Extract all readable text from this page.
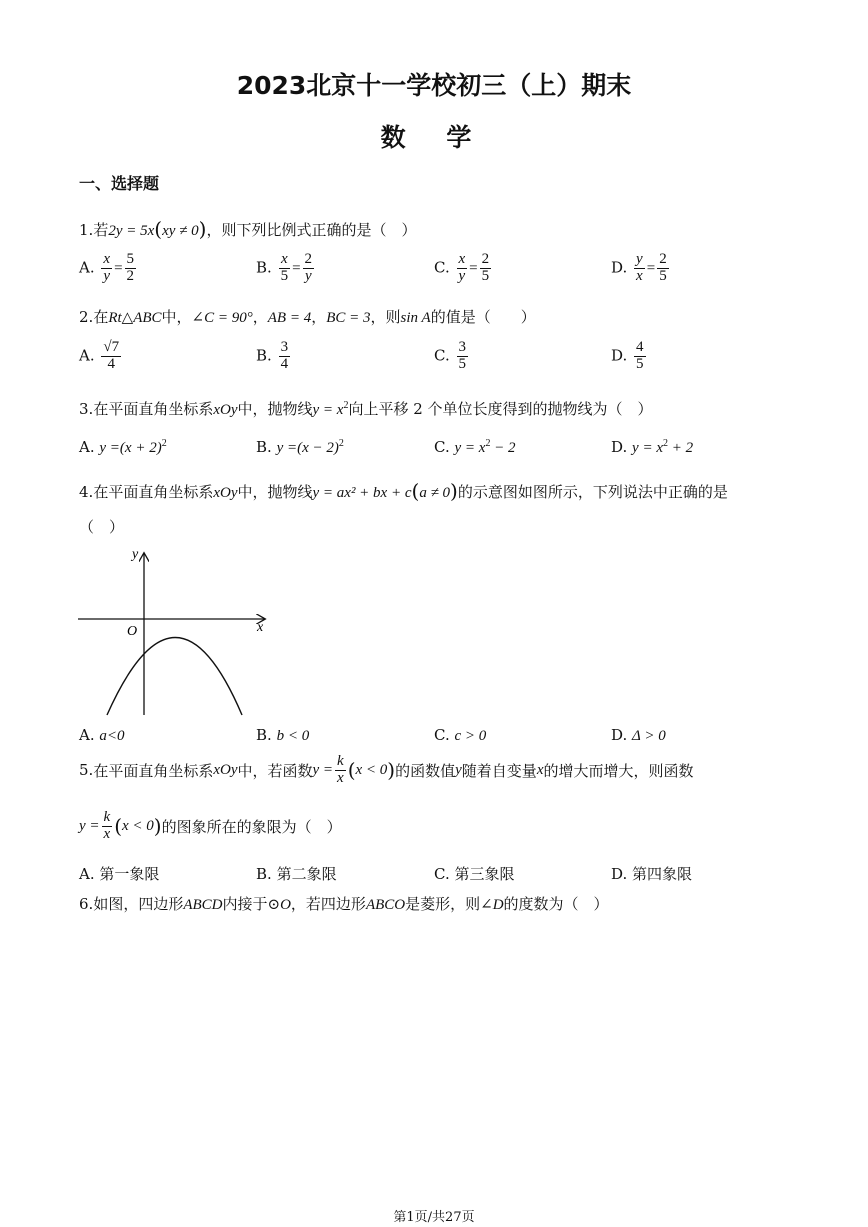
2023北京十一学校初三（上）期末
数 学
一、选择题
1.若2y = 5x(xy ≠ 0)，则下列比例式正确的是（　）
A. $\frac{x}{y} = \frac{5}{2}$	B. $\frac{x}{5} = \frac{2}{y}$	C. $\frac{x}{y} = \frac{2}{5}$	D. $\frac{y}{x} = \frac{2}{5}$
2.在Rt△ABC中，∠C = 90°，AB = 4，BC = 3，则sin A的值是（　　）
A. $\frac{√7}{4}$	B. $\frac{3}{4}$	C. $\frac{3}{5}$	D. $\frac{4}{5}$
3.在平面直角坐标系xOy中，抛物线$y = x^2$向上平移 2 个单位长度得到的抛物线为（　）
A. $y =(x + 2)^2$	B. $y =(x - 2)^2$	C. $y = x^2 - 2$	D. $y = x^2 + 2$
4.在平面直角坐标系xOy中，抛物线y = ax² + bx + c(a ≠ 0)的示意图如图所示，下列说法中正确的是
（　）
y
x
O
A. a<0	B. b < 0	C. c > 0	D. Δ > 0
5. 在平面直角坐标系 xOy 中，若函数 $y = \frac{k}{x}$ ( x < 0 ) 的函数值 y 随着自变量 x 的增大而增大，则函数
$y = \frac{k}{x}$ ( x < 0 ) 的图象所在的象限为（　）
A. 第一象限	B. 第二象限	C. 第三象限	D. 第四象限
6.如图，四边形ABCD内接于⊙O，若四边形ABCO是菱形，则∠D的度数为（　）
第1页/共27页
